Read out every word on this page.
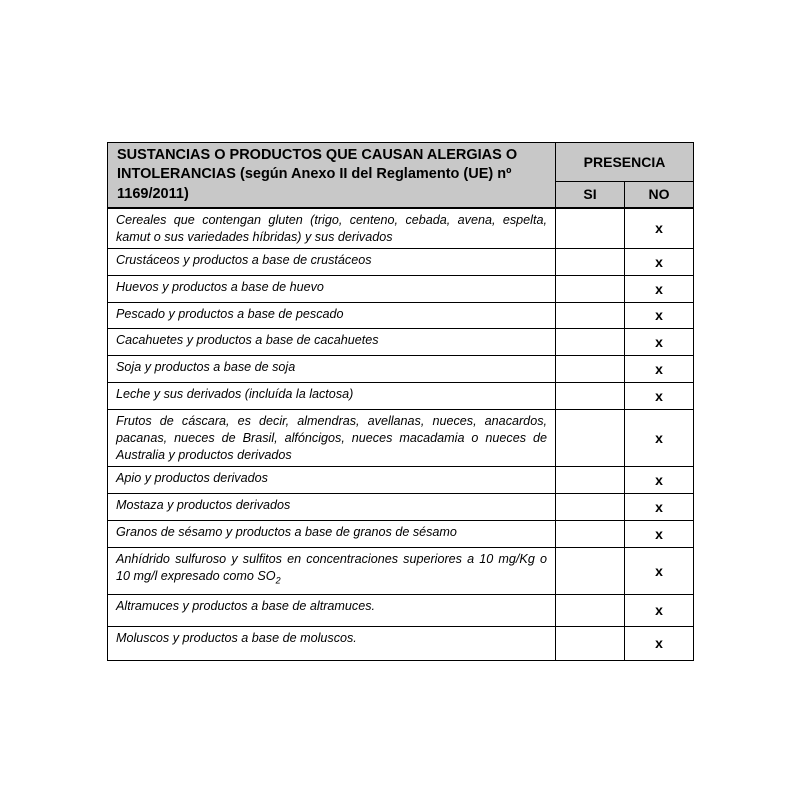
SUSTANCIAS O PRODUCTOS QUE CAUSAN ALERGIAS O INTOLERANCIAS (según Anexo II del Reglamento (UE) nº 1169/2011)	PRESENCIA	
	SI	NO
Cereales que contengan gluten (trigo, centeno, cebada, avena, espelta, kamut o sus variedades híbridas) y sus derivados		x
Crustáceos y productos a base de crustáceos		x
Huevos y productos a base de huevo		x
Pescado y productos a base de pescado		x
Cacahuetes y productos a base de cacahuetes		x
Soja y productos a base de soja		x
Leche y sus derivados (incluída la lactosa)		x
Frutos de cáscara, es decir, almendras, avellanas, nueces, anacardos, pacanas, nueces de Brasil, alfóncigos, nueces macadamia o nueces de Australia y productos derivados		x
Apio y productos derivados		x
Mostaza y productos derivados		x
Granos de sésamo y productos a base de granos de sésamo		x
Anhídrido sulfuroso y sulfitos en concentraciones superiores a 10 mg/Kg o 10 mg/l expresado como $SO_2$		x
Altramuces y productos a base de altramuces.		x
Moluscos y productos a base de moluscos.		x
